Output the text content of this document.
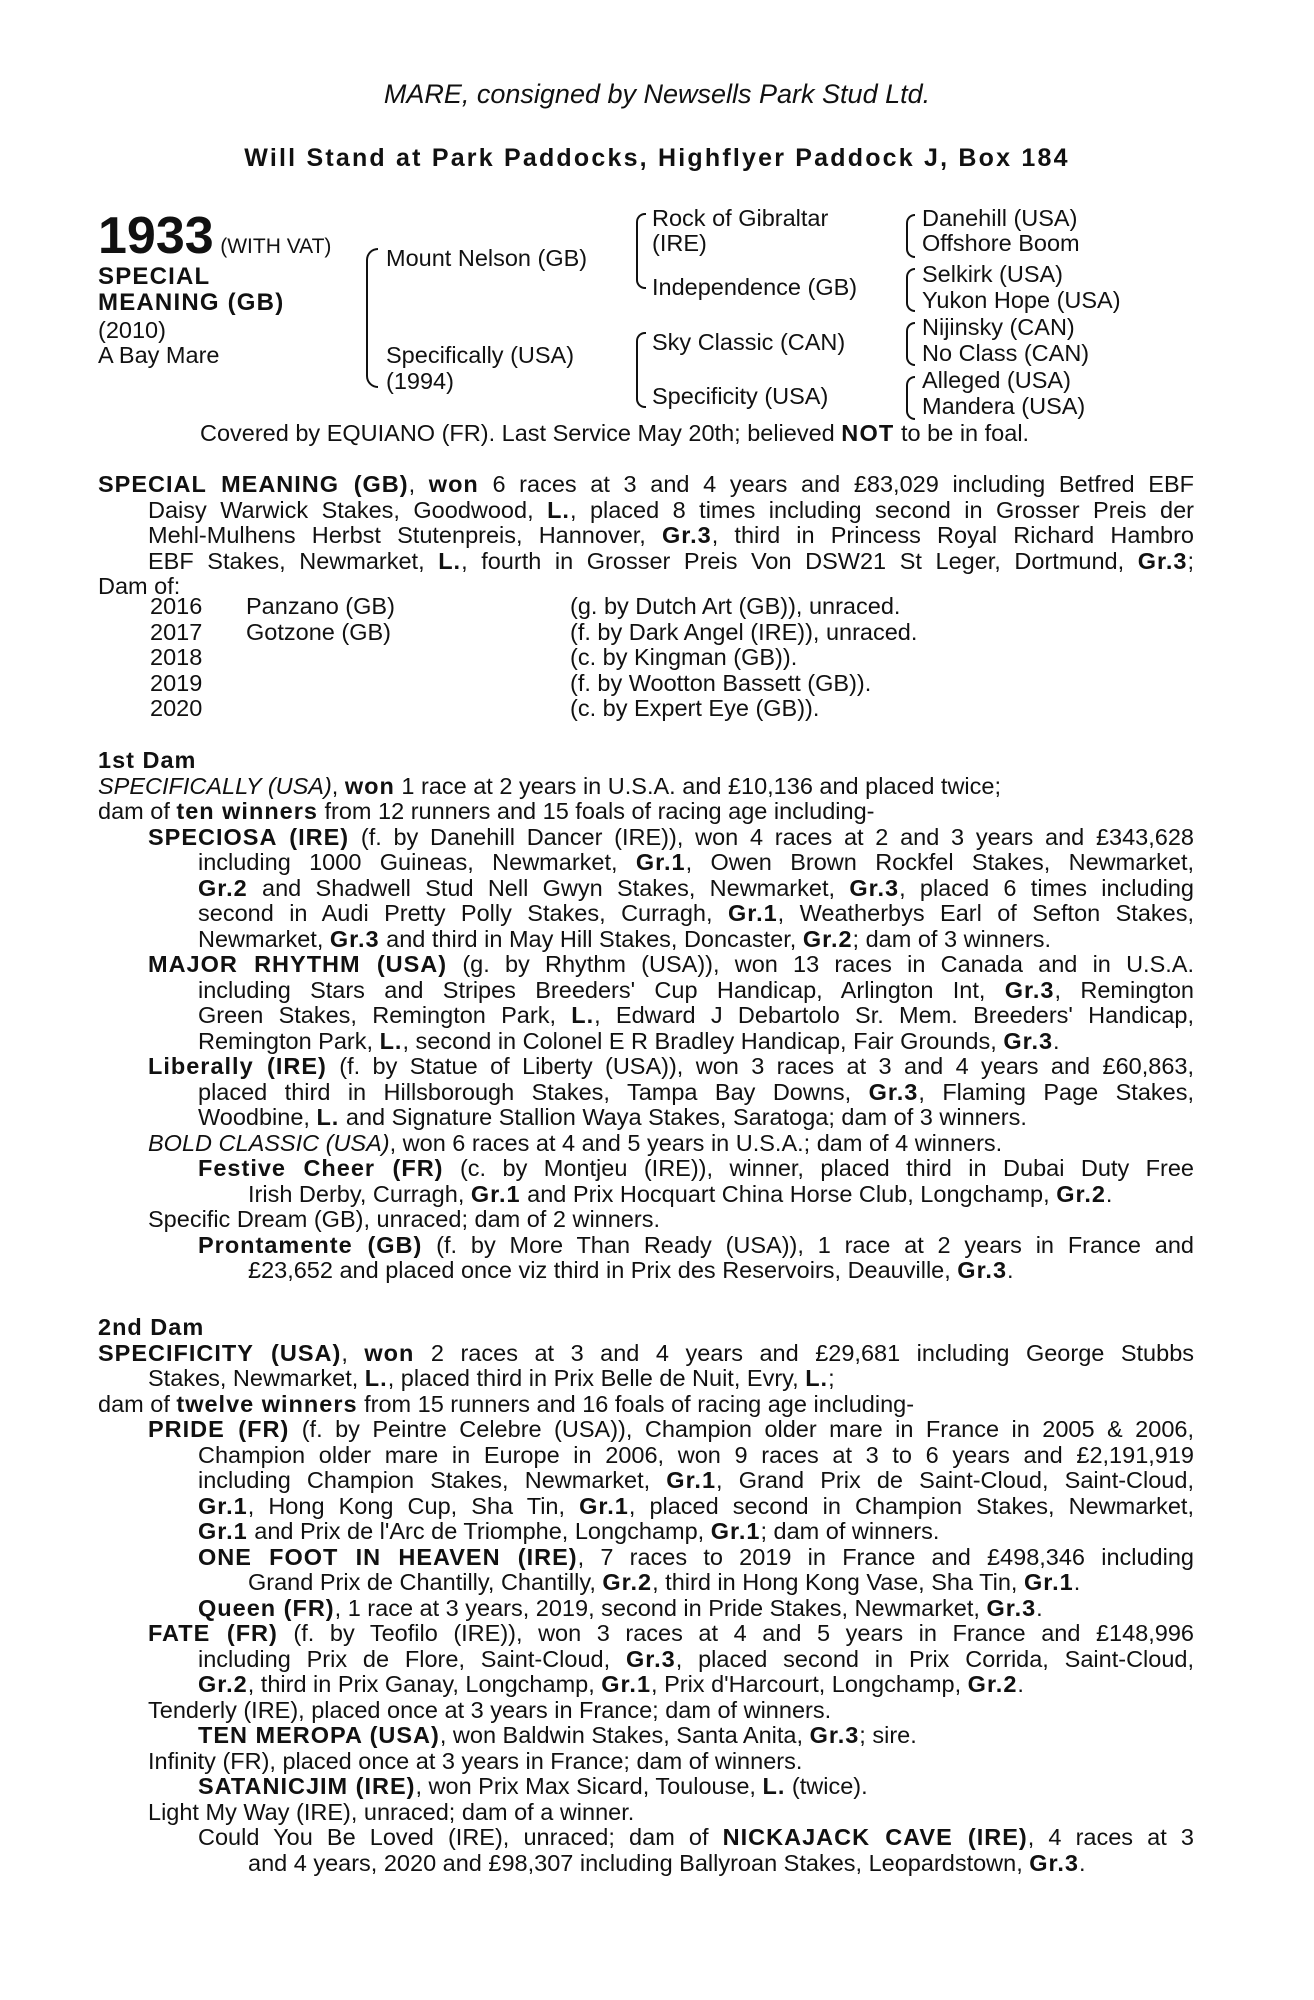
MARE, consigned by Newsells Park Stud Ltd.
Will Stand at Park Paddocks, Highflyer Paddock J, Box 184
1933 (WITH VAT)
SPECIAL
MEANING (GB)
(2010)
A Bay Mare
Mount Nelson (GB)
Specifically (USA)
(1994)
Rock of Gibraltar
(IRE)
Independence (GB)
Sky Classic (CAN)
Specificity (USA)
Danehill (USA)
Offshore Boom
Selkirk (USA)
Yukon Hope (USA)
Nijinsky (CAN)
No Class (CAN)
Alleged (USA)
Mandera (USA)
Covered by EQUIANO (FR). Last Service May 20th; believed NOT to be in foal.
SPECIAL MEANING (GB), won 6 races at 3 and 4 years and £83,029 including Betfred EBF
Daisy Warwick Stakes, Goodwood, L., placed 8 times including second in Grosser Preis der
Mehl-Mulhens Herbst Stutenpreis, Hannover, Gr.3, third in Princess Royal Richard Hambro
EBF Stakes, Newmarket, L., fourth in Grosser Preis Von DSW21 St Leger, Dortmund, Gr.3;
Dam of:
2016 Panzano (GB)	(g. by Dutch Art (GB)), unraced.
2017 Gotzone (GB)	(f. by Dark Angel (IRE)), unraced.
2018	(c. by Kingman (GB)).
2019	(f. by Wootton Bassett (GB)).
2020	(c. by Expert Eye (GB)).
1st Dam
SPECIFICALLY (USA), won 1 race at 2 years in U.S.A. and £10,136 and placed twice;
dam of ten winners from 12 runners and 15 foals of racing age including-
SPECIOSA (IRE) (f. by Danehill Dancer (IRE)), won 4 races at 2 and 3 years and £343,628
including 1000 Guineas, Newmarket, Gr.1, Owen Brown Rockfel Stakes, Newmarket,
Gr.2 and Shadwell Stud Nell Gwyn Stakes, Newmarket, Gr.3, placed 6 times including
second in Audi Pretty Polly Stakes, Curragh, Gr.1, Weatherbys Earl of Sefton Stakes,
Newmarket, Gr.3 and third in May Hill Stakes, Doncaster, Gr.2; dam of 3 winners.
MAJOR RHYTHM (USA) (g. by Rhythm (USA)), won 13 races in Canada and in U.S.A.
including Stars and Stripes Breeders' Cup Handicap, Arlington Int, Gr.3, Remington
Green Stakes, Remington Park, L., Edward J Debartolo Sr. Mem. Breeders' Handicap,
Remington Park, L., second in Colonel E R Bradley Handicap, Fair Grounds, Gr.3.
Liberally (IRE) (f. by Statue of Liberty (USA)), won 3 races at 3 and 4 years and £60,863,
placed third in Hillsborough Stakes, Tampa Bay Downs, Gr.3, Flaming Page Stakes,
Woodbine, L. and Signature Stallion Waya Stakes, Saratoga; dam of 3 winners.
BOLD CLASSIC (USA), won 6 races at 4 and 5 years in U.S.A.; dam of 4 winners.
Festive Cheer (FR) (c. by Montjeu (IRE)), winner, placed third in Dubai Duty Free
Irish Derby, Curragh, Gr.1 and Prix Hocquart China Horse Club, Longchamp, Gr.2.
Specific Dream (GB), unraced; dam of 2 winners.
Prontamente (GB) (f. by More Than Ready (USA)), 1 race at 2 years in France and
£23,652 and placed once viz third in Prix des Reservoirs, Deauville, Gr.3.
2nd Dam
SPECIFICITY (USA), won 2 races at 3 and 4 years and £29,681 including George Stubbs
Stakes, Newmarket, L., placed third in Prix Belle de Nuit, Evry, L.;
dam of twelve winners from 15 runners and 16 foals of racing age including-
PRIDE (FR) (f. by Peintre Celebre (USA)), Champion older mare in France in 2005 & 2006,
Champion older mare in Europe in 2006, won 9 races at 3 to 6 years and £2,191,919
including Champion Stakes, Newmarket, Gr.1, Grand Prix de Saint-Cloud, Saint-Cloud,
Gr.1, Hong Kong Cup, Sha Tin, Gr.1, placed second in Champion Stakes, Newmarket,
Gr.1 and Prix de l'Arc de Triomphe, Longchamp, Gr.1; dam of winners.
ONE FOOT IN HEAVEN (IRE), 7 races to 2019 in France and £498,346 including
Grand Prix de Chantilly, Chantilly, Gr.2, third in Hong Kong Vase, Sha Tin, Gr.1.
Queen (FR), 1 race at 3 years, 2019, second in Pride Stakes, Newmarket, Gr.3.
FATE (FR) (f. by Teofilo (IRE)), won 3 races at 4 and 5 years in France and £148,996
including Prix de Flore, Saint-Cloud, Gr.3, placed second in Prix Corrida, Saint-Cloud,
Gr.2, third in Prix Ganay, Longchamp, Gr.1, Prix d'Harcourt, Longchamp, Gr.2.
Tenderly (IRE), placed once at 3 years in France; dam of winners.
TEN MEROPA (USA), won Baldwin Stakes, Santa Anita, Gr.3; sire.
Infinity (FR), placed once at 3 years in France; dam of winners.
SATANICJIM (IRE), won Prix Max Sicard, Toulouse, L. (twice).
Light My Way (IRE), unraced; dam of a winner.
Could You Be Loved (IRE), unraced; dam of NICKAJACK CAVE (IRE), 4 races at 3
and 4 years, 2020 and £98,307 including Ballyroan Stakes, Leopardstown, Gr.3.
